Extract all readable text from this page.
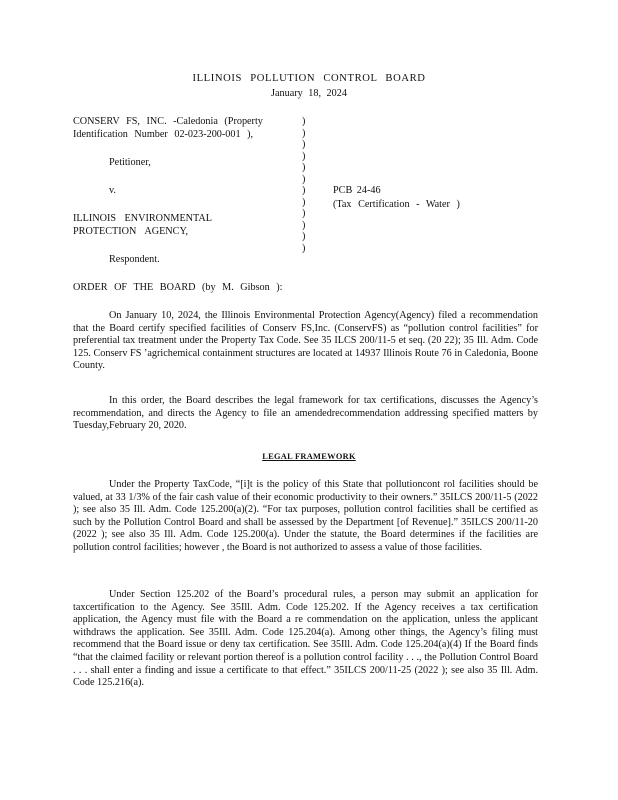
ILLINOIS POLLUTION CONTROL BOARD
January 18, 2024
CONSERV FS, INC. -Caledonia (Property
Identification Number 02-023-200-001 ),
Petitioner,
v.
ILLINOIS ENVIRONMENTAL
PROTECTION AGENCY,
Respondent.
)
)
)
)
)
)
)
)
)
)
)
)
PCB 24-46
(Tax Certification - Water )
ORDER OF THE BOARD (by M. Gibson ):

On January 10, 2024, the Illinois Environmental Protection Agency(Agency) filed a recommendation that the Board certify specified facilities of Conserv FS,Inc. (ConservFS) as “pollution control facilities” for preferential tax treatment under the Property Tax Code. See 35 ILCS 200/11-5 et seq. (20 22); 35 Ill. Adm. Code 125. Conserv FS ’agrichemical containment structures are located at 14937 Illinois Route 76 in Caledonia, Boone County.

In this order, the Board describes the legal framework for tax certifications, discusses the Agency’s recommendation, and directs the Agency to file an amendedrecommendation addressing specified matters by Tuesday,February 20, 2020.

LEGAL FRAMEWORK

Under the Property TaxCode, “[i]t is the policy of this State that pollutioncont rol facilities should be valued, at 33 1/3% of the fair cash value of their economic productivity to their owners.” 35ILCS 200/11-5 (2022 ); see also 35 Ill. Adm. Code 125.200(a)(2). “For tax purposes, pollution control facilities shall be certified as such by the Pollution Control Board and shall be assessed by the Department [of Revenue].” 35ILCS 200/11-20 (2022 ); see also 35 Ill. Adm. Code 125.200(a). Under the statute, the Board determines if the facilities are pollution control facilities; however , the Board is not authorized to assess a value of those facilities.

Under Section 125.202 of the Board’s procedural rules, a person may submit an application for taxcertification to the Agency. See 35Ill. Adm. Code 125.202. If the Agency receives a tax certification application, the Agency must file with the Board a re commendation on the application, unless the applicant withdraws the application. See 35Ill. Adm. Code 125.204(a). Among other things, the Agency’s filing must recommend that the Board issue or deny tax certification. See 35Ill. Adm. Code 125.204(a)(4) If the Board finds “that the claimed facility or relevant portion thereof is a pollution control facility . . ., the Pollution Control Board . . . shall enter a finding and issue a certificate to that effect.” 35ILCS 200/11-25 (2022 ); see also 35 Ill. Adm. Code 125.216(a).
